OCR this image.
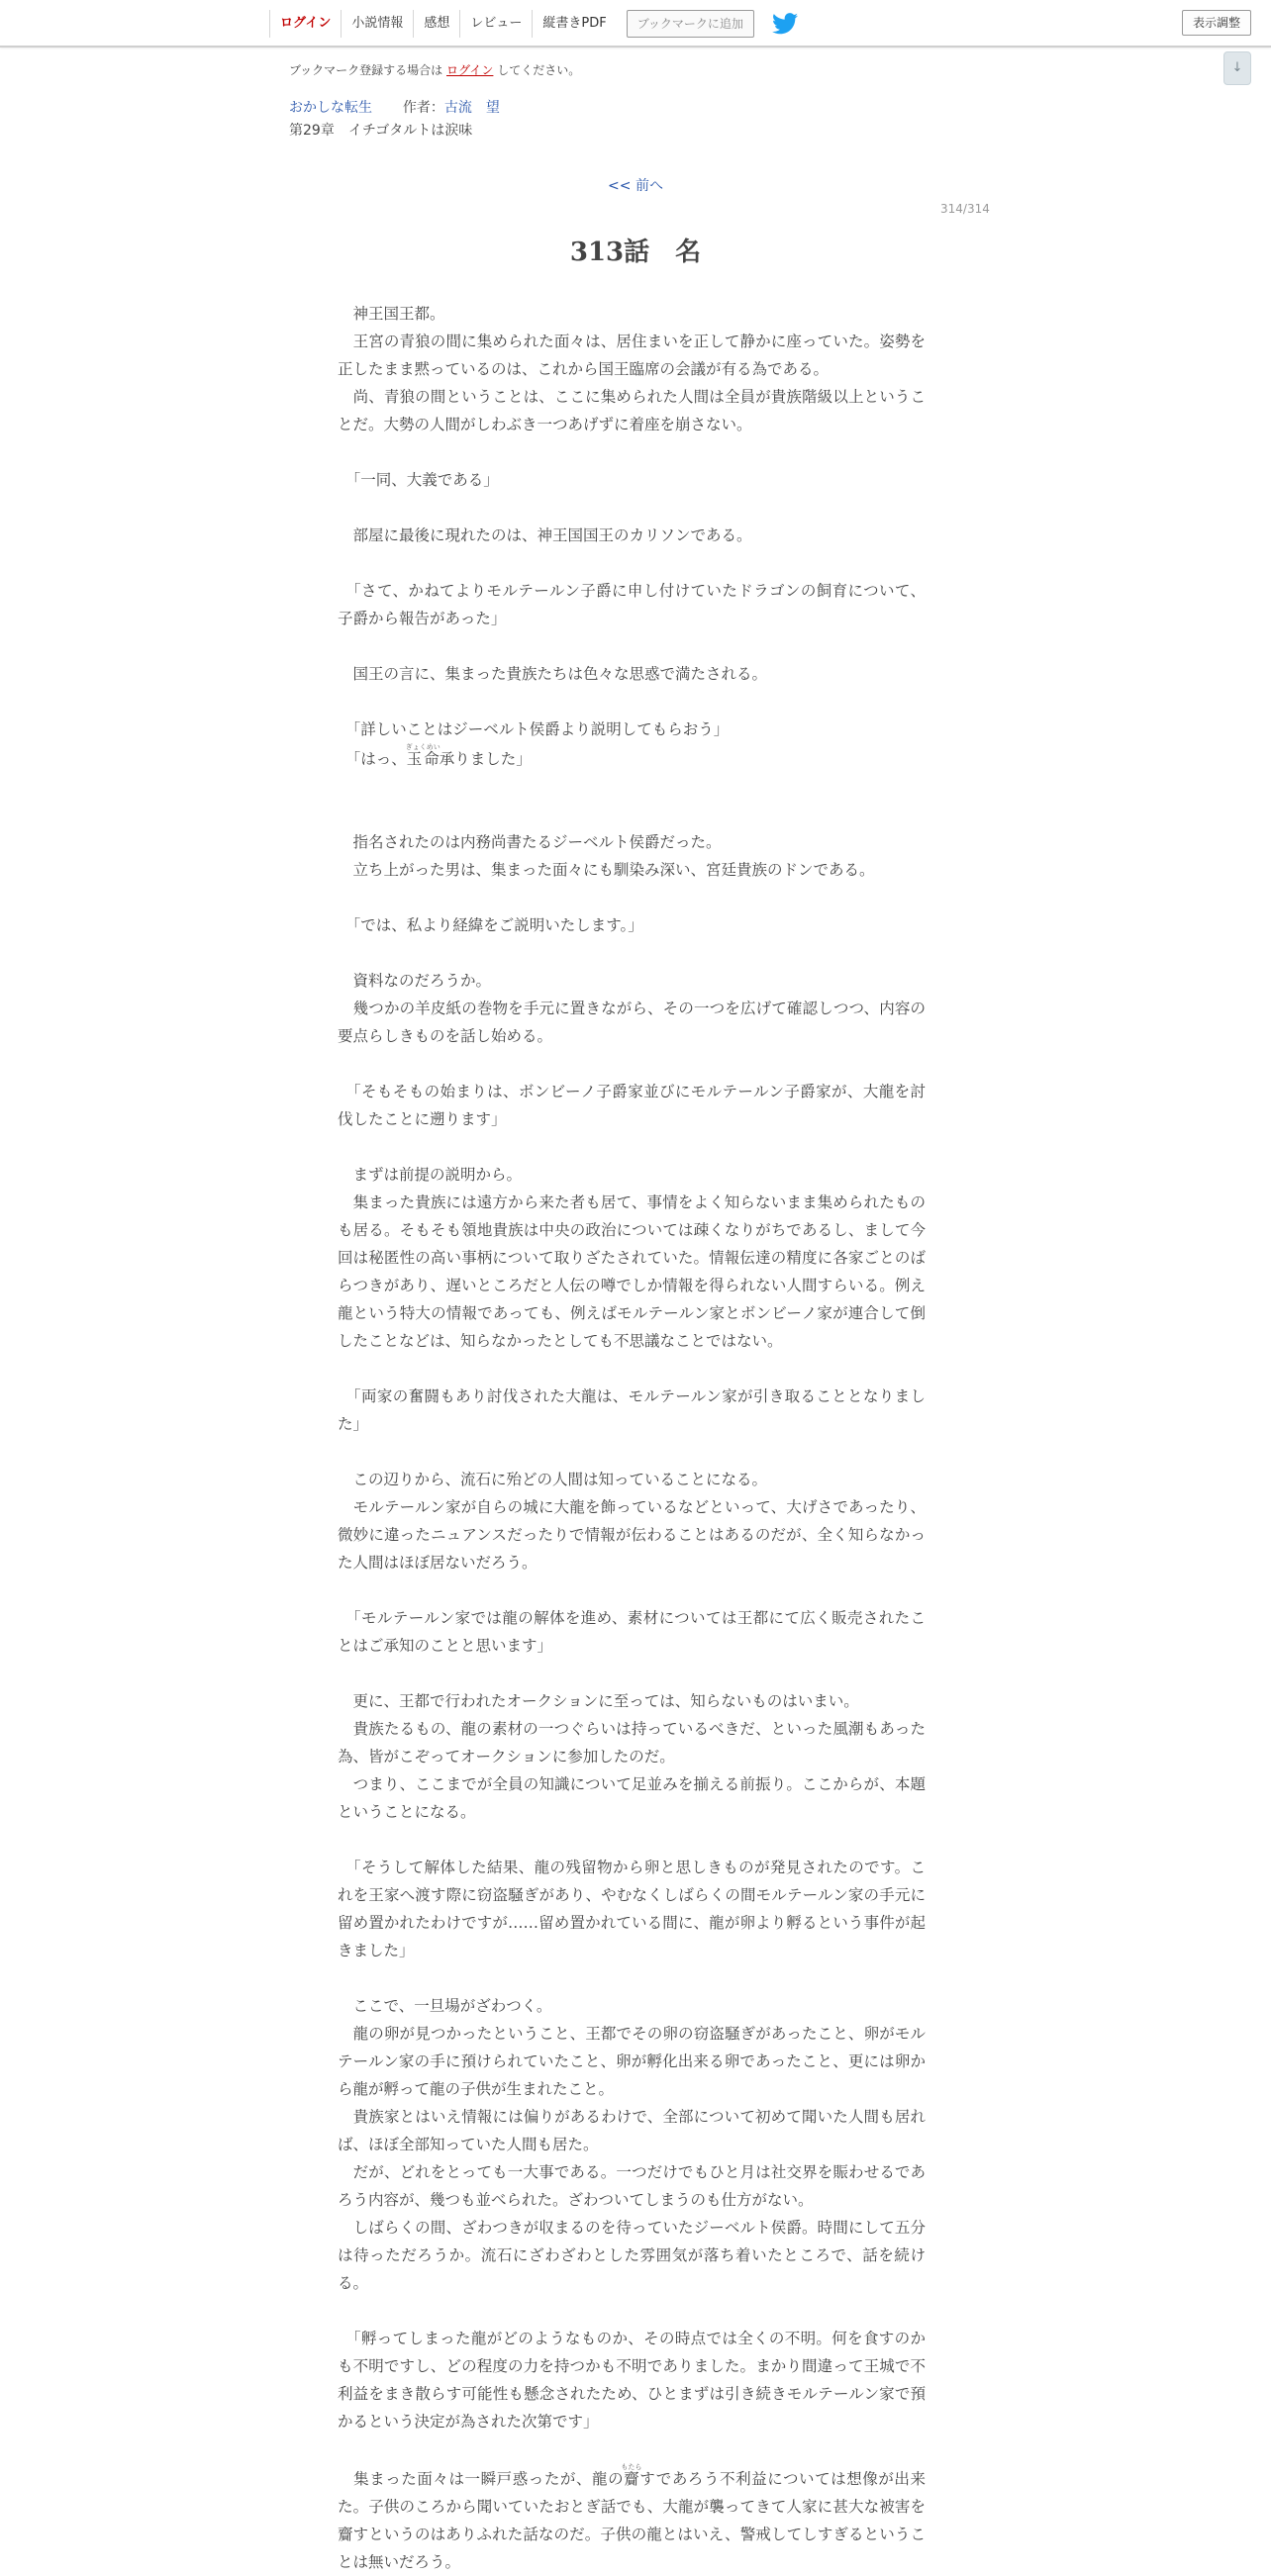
ログイン	小説情報	感想	レビュー	縦書きPDF	ブックマークに追加	表示調整
↓
ブックマーク登録する場合は ログイン してください。
おかしな転生 作者：古流　望
第29章　イチゴタルトは涙味
<< 前へ
314/314
313話　名

　神王国王都。

　王宮の青狼の間に集められた面々は、居住まいを正して静かに座っていた。姿勢を正したまま黙っているのは、これから国王臨席の会議が有る為である。

　尚、青狼の間ということは、ここに集められた人間は全員が貴族階級以上ということだ。大勢の人間がしわぶき一つあげずに着座を崩さない。

　「一同、大義である」

　部屋に最後に現れたのは、神王国国王のカリソンである。

　「さて、かねてよりモルテールン子爵に申し付けていたドラゴンの飼育について、子爵から報告があった」

　国王の言に、集まった貴族たちは色々な思惑で満たされる。

　「詳しいことはジーベルト侯爵より説明してもらおう」

　「はっ、玉命ぎょくめい承りました」

　指名されたのは内務尚書たるジーベルト侯爵だった。

　立ち上がった男は、集まった面々にも馴染み深い、宮廷貴族のドンである。

　「では、私より経緯をご説明いたします。」

　資料なのだろうか。

　幾つかの羊皮紙の巻物を手元に置きながら、その一つを広げて確認しつつ、内容の要点らしきものを話し始める。

　「そもそもの始まりは、ボンビーノ子爵家並びにモルテールン子爵家が、大龍を討伐したことに遡ります」

　まずは前提の説明から。

　集まった貴族には遠方から来た者も居て、事情をよく知らないまま集められたものも居る。そもそも領地貴族は中央の政治については疎くなりがちであるし、まして今回は秘匿性の高い事柄について取りざたされていた。情報伝達の精度に各家ごとのばらつきがあり、遅いところだと人伝の噂でしか情報を得られない人間すらいる。例え龍という特大の情報であっても、例えばモルテールン家とボンビーノ家が連合して倒したことなどは、知らなかったとしても不思議なことではない。

　「両家の奮闘もあり討伐された大龍は、モルテールン家が引き取ることとなりました」

　この辺りから、流石に殆どの人間は知っていることになる。

　モルテールン家が自らの城に大龍を飾っているなどといって、大げさであったり、微妙に違ったニュアンスだったりで情報が伝わることはあるのだが、全く知らなかった人間はほぼ居ないだろう。

　「モルテールン家では龍の解体を進め、素材については王都にて広く販売されたことはご承知のことと思います」

　更に、王都で行われたオークションに至っては、知らないものはいまい。

　貴族たるもの、龍の素材の一つぐらいは持っているべきだ、といった風潮もあった為、皆がこぞってオークションに参加したのだ。

　つまり、ここまでが全員の知識について足並みを揃える前振り。ここからが、本題ということになる。

　「そうして解体した結果、龍の残留物から卵と思しきものが発見されたのです。これを王家へ渡す際に窃盗騒ぎがあり、やむなくしばらくの間モルテールン家の手元に留め置かれたわけですが……留め置かれている間に、龍が卵より孵るという事件が起きました」

　ここで、一旦場がざわつく。

　龍の卵が見つかったということ、王都でその卵の窃盗騒ぎがあったこと、卵がモルテールン家の手に預けられていたこと、卵が孵化出来る卵であったこと、更には卵から龍が孵って龍の子供が生まれたこと。

　貴族家とはいえ情報には偏りがあるわけで、全部について初めて聞いた人間も居れば、ほぼ全部知っていた人間も居た。

　だが、どれをとっても一大事である。一つだけでもひと月は社交界を賑わせるであろう内容が、幾つも並べられた。ざわついてしまうのも仕方がない。

　しばらくの間、ざわつきが収まるのを待っていたジーベルト侯爵。時間にして五分は待っただろうか。流石にざわざわとした雰囲気が落ち着いたところで、話を続ける。

　「孵ってしまった龍がどのようなものか、その時点では全くの不明。何を食すのかも不明ですし、どの程度の力を持つかも不明でありました。まかり間違って王城で不利益をまき散らす可能性も懸念されたため、ひとまずは引き続きモルテールン家で預かるという決定が為された次第です」

　集まった面々は一瞬戸惑ったが、龍の齎もたらすであろう不利益については想像が出来た。子供のころから聞いていたおとぎ話でも、大龍が襲ってきて人家に甚大な被害を齎すというのはありふれた話なのだ。子供の龍とはいえ、警戒してしすぎるということは無いだろう。
